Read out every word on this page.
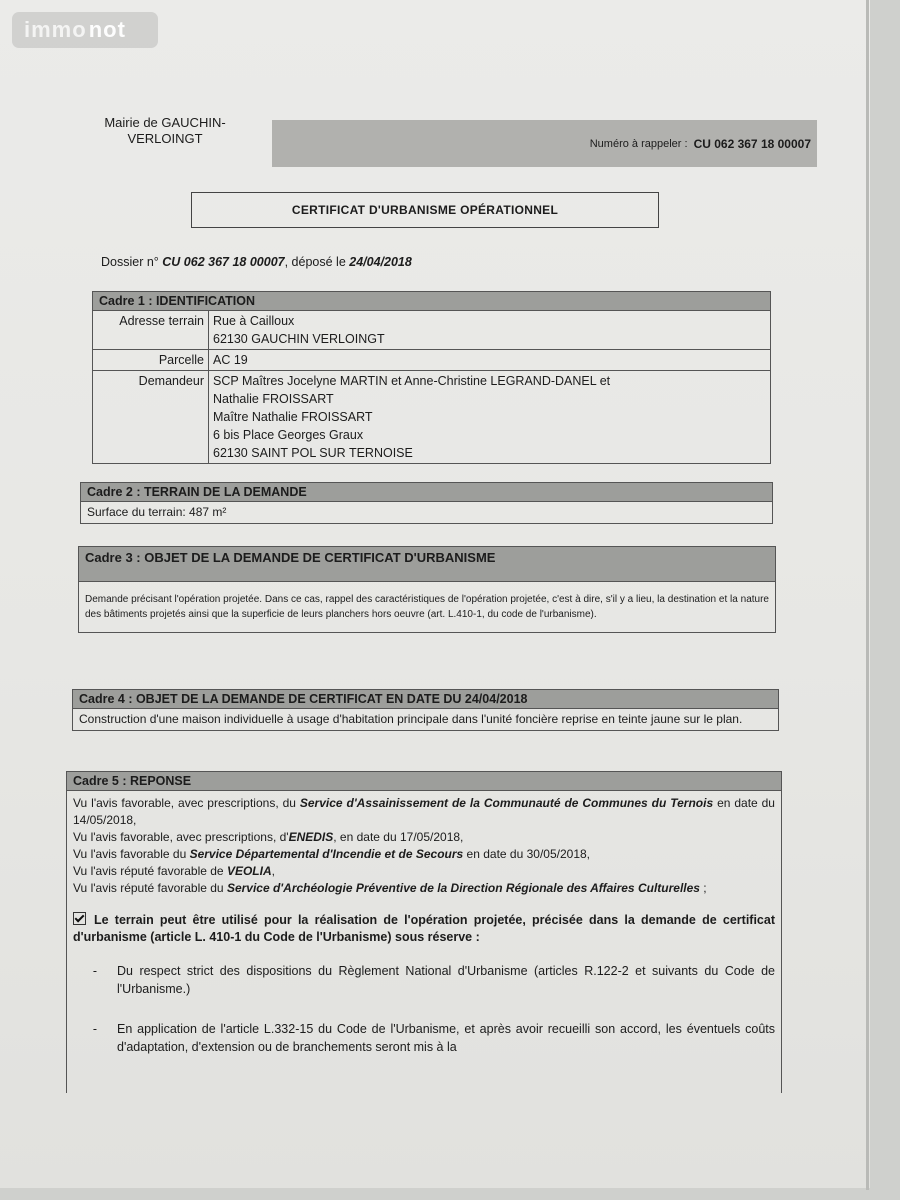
immo not
Mairie de GAUCHIN-
VERLOINGT	Numéro à rappeler : CU 062 367 18 00007
CERTIFICAT D'URBANISME OPÉRATIONNEL
Dossier n° CU 062 367 18 00007, déposé le 24/04/2018
Cadre 1 : IDENTIFICATION
Adresse terrain Rue à Cailloux
62130 GAUCHIN VERLOINGT
Parcelle AC 19
Demandeur SCP Maîtres Jocelyne MARTIN et Anne-Christine LEGRAND-DANEL et
Nathalie FROISSART
Maître Nathalie FROISSART
6 bis Place Georges Graux
62130 SAINT POL SUR TERNOISE
Cadre 2 : TERRAIN DE LA DEMANDE
Surface du terrain: 487 m²
Cadre 3 : OBJET DE LA DEMANDE DE CERTIFICAT D'URBANISME
Demande précisant l'opération projetée. Dans ce cas, rappel des caractéristiques de l'opération projetée, c'est à dire, s'il y a lieu, la destination et la nature des bâtiments projetés ainsi que la superficie de leurs planchers hors oeuvre (art. L.410-1, du code de l'urbanisme).
Cadre 4 : OBJET DE LA DEMANDE DE CERTIFICAT EN DATE DU 24/04/2018
Construction d'une maison individuelle à usage d'habitation principale dans l'unité foncière reprise en teinte jaune sur le plan.
Cadre 5 : REPONSE

Vu l'avis favorable, avec prescriptions, du Service d'Assainissement de la Communauté de Communes du Ternois en date du 14/05/2018,

Vu l'avis favorable, avec prescriptions, d'ENEDIS, en date du 17/05/2018,

Vu l'avis favorable du Service Départemental d'Incendie et de Secours en date du 30/05/2018,

Vu l'avis réputé favorable de VEOLIA,

Vu l'avis réputé favorable du Service d'Archéologie Préventive de la Direction Régionale des Affaires Culturelles ;

Le terrain peut être utilisé pour la réalisation de l'opération projetée, précisée dans la demande de certificat d'urbanisme (article L. 410-1 du Code de l'Urbanisme) sous réserve :

-	Du respect strict des dispositions du Règlement National d'Urbanisme (articles R.122-2 et suivants du Code de l'Urbanisme.)
-	En application de l'article L.332-15 du Code de l'Urbanisme, et après avoir recueilli son accord, les éventuels coûts d'adaptation, d'extension ou de branchements seront mis à la
